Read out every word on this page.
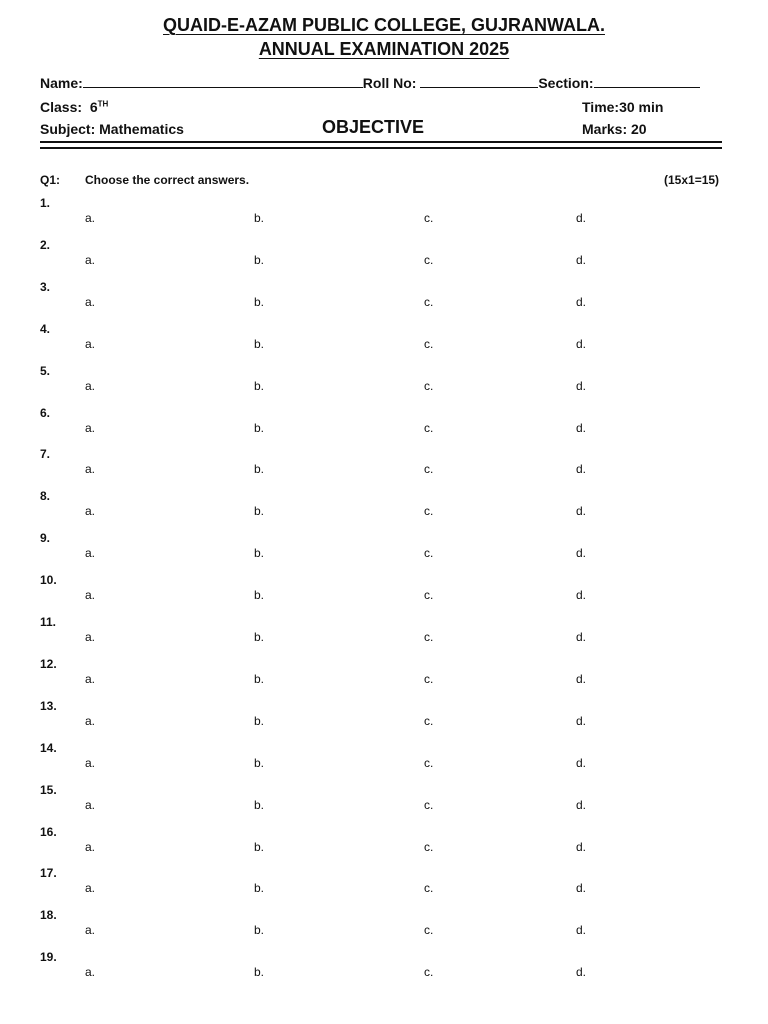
QUAID-E-AZAM PUBLIC COLLEGE, GUJRANWALA.
ANNUAL EXAMINATION 2025
Name:	Roll No:	Section:
Class: 6TH	Time:30 min
Subject: Mathematics	OBJECTIVE	Marks: 20
Q1: Choose the correct answers.	(15x1=15)
1.
a.	b.	c.	d.
2.
a.	b.	c.	d.
3.
a.	b.	c.	d.
4.
a.	b.	c.	d.
5.
a.	b.	c.	d.
6.
a.	b.	c.	d.
7.
a.	b.	c.	d.
8.
a.	b.	c.	d.
9.
a.	b.	c.	d.
10.
a.	b.	c.	d.
11.
a.	b.	c.	d.
12.
a.	b.	c.	d.
13.
a.	b.	c.	d.
14.
a.	b.	c.	d.
15.
a.	b.	c.	d.
16.
a.	b.	c.	d.
17.
a.	b.	c.	d.
18.
a.	b.	c.	d.
19.
a.	b.	c.	d.
